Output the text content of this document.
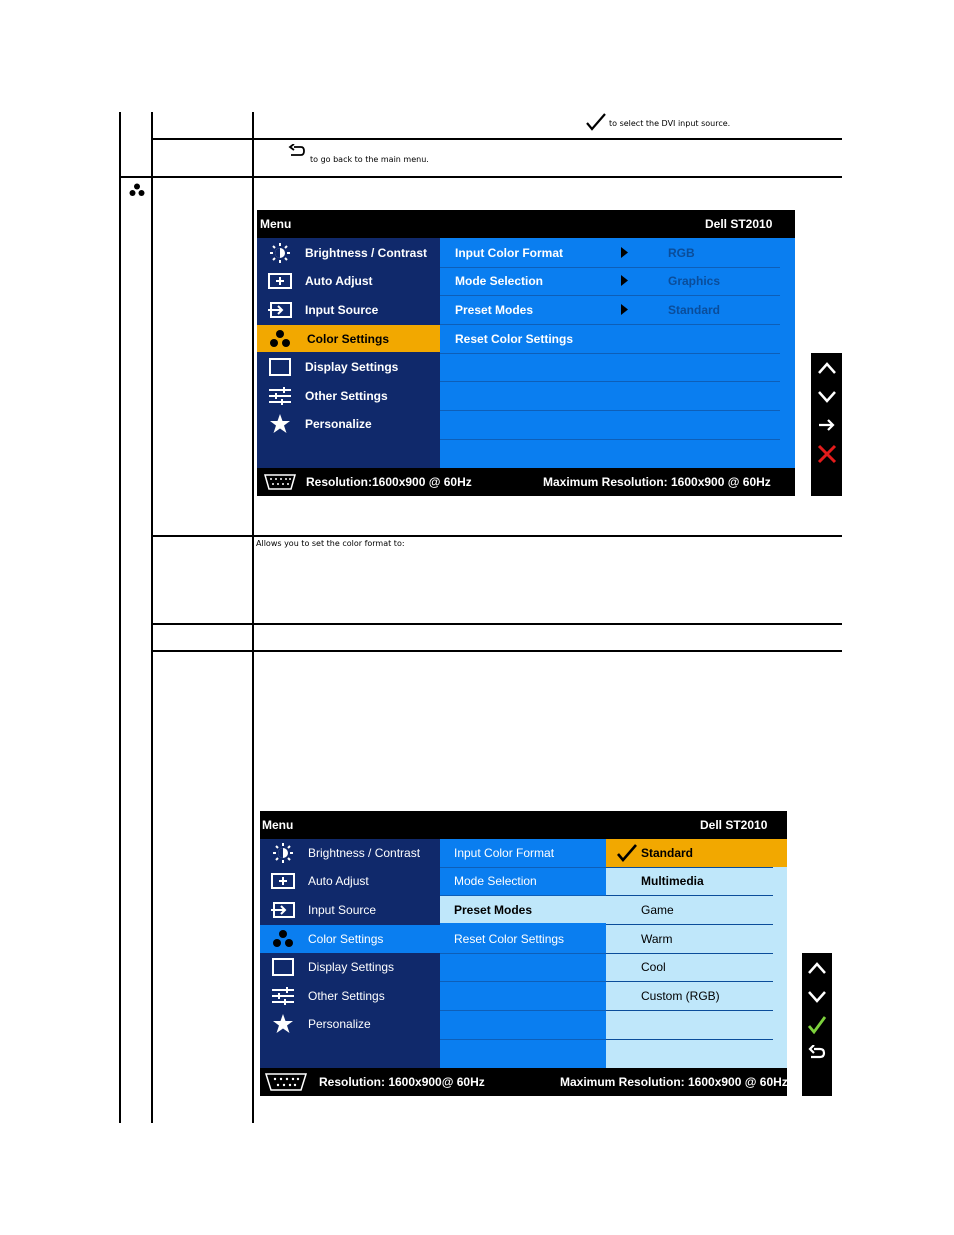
to select the DVI input source.
to go back to the main menu.
Allows you to set the color format to:
Menu	Dell ST2010
Brightness / Contrast
Auto Adjust
Input Source
Color Settings
Display Settings
Other Settings
Personalize
Input Color Format	RGB
Mode Selection	Graphics
Preset Modes	Standard
Reset Color Settings
Resolution:1600x900 @ 60Hz	Maximum Resolution: 1600x900 @ 60Hz
Menu	Dell ST2010
Brightness / Contrast
Auto Adjust
Input Source
Color Settings
Display Settings
Other Settings
Personalize
Input Color Format
Mode Selection
Preset Modes
Reset Color Settings
Standard
Multimedia
Game
Warm
Cool
Custom (RGB)
Resolution: 1600x900@ 60Hz	Maximum Resolution: 1600x900 @ 60Hz
